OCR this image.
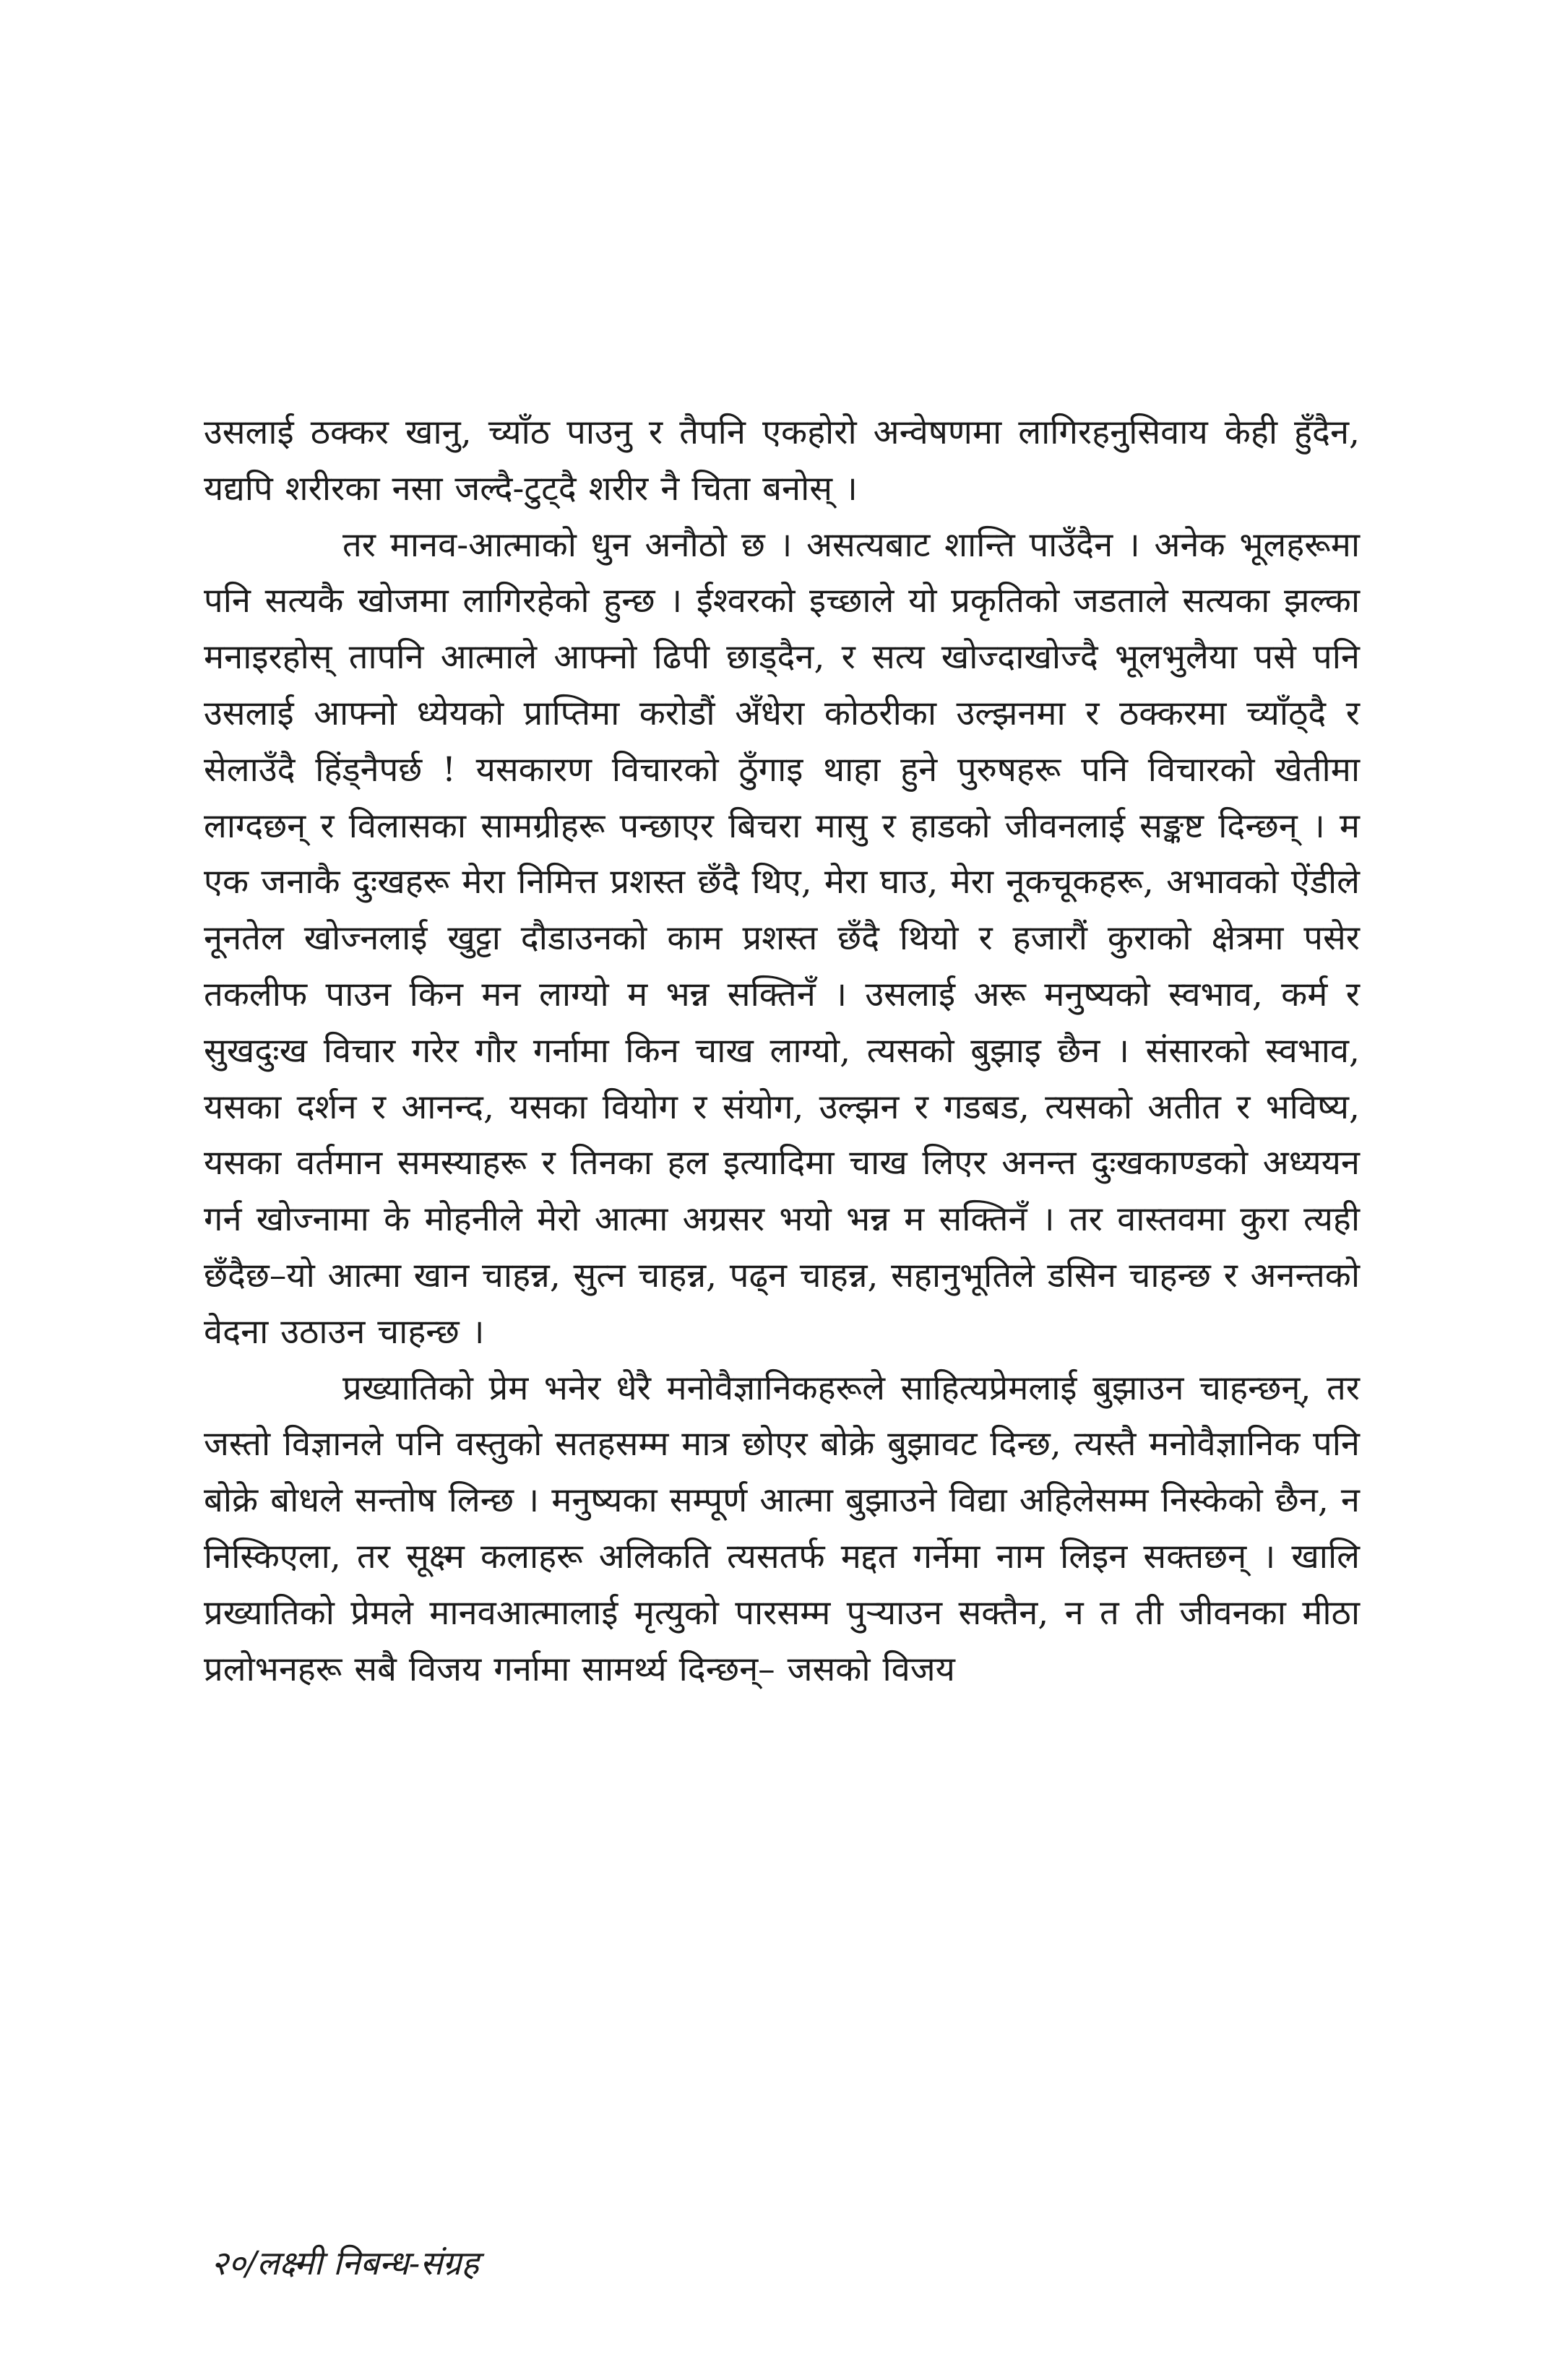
उसलाई ठक्कर खानु, च्याँठ पाउनु र तैपनि एकहोरो अन्वेषणमा लागिरहनुसिवाय केही हुँदैन, यद्यपि शरीरका नसा जल्दै-टुट्दै शरीर नै चिता बनोस् ।

तर मानव-आत्माको धुन अनौठो छ । असत्यबाट शान्ति पाउँदैन । अनेक भूलहरूमा पनि सत्यकै खोजमा लागिरहेको हुन्छ । ईश्वरको इच्छाले यो प्रकृतिको जडताले सत्यका झल्का मनाइरहोस् तापनि आत्माले आफ्नो ढिपी छाड्दैन, र सत्य खोज्दाखोज्दै भूलभुलैया पसे पनि उसलाई आफ्नो ध्येयको प्राप्तिमा करोडौं अँधेरा कोठरीका उल्झनमा र ठक्करमा च्याँठ्दै र सेलाउँदै हिंड्नैपर्छ ! यसकारण विचारको ठुँगाइ थाहा हुने पुरुषहरू पनि विचारको खेतीमा लाग्दछन् र विलासका सामग्रीहरू पन्छाएर बिचरा मासु र हाडको जीवनलाई सङ्कष्ट दिन्छन् । म एक जनाकै दुःखहरू मेरा निमित्त प्रशस्त छँदै थिए, मेरा घाउ, मेरा नूकचूकहरू, अभावको ऐंडीले नूनतेल खोज्नलाई खुट्टा दौडाउनको काम प्रशस्त छँदै थियो र हजारौं कुराको क्षेत्रमा पसेर तकलीफ पाउन किन मन लाग्यो म भन्न सक्तिनँ । उसलाई अरू मनुष्यको स्वभाव, कर्म र सुखदुःख विचार गरेर गौर गर्नामा किन चाख लाग्यो, त्यसको बुझाइ छैन । संसारको स्वभाव, यसका दर्शन र आनन्द, यसका वियोग र संयोग, उल्झन र गडबड, त्यसको अतीत र भविष्य, यसका वर्तमान समस्याहरू र तिनका हल इत्यादिमा चाख लिएर अनन्त दुःखकाण्डको अध्ययन गर्न खोज्नामा के मोहनीले मेरो आत्मा अग्रसर भयो भन्न म सक्तिनँ । तर वास्तवमा कुरा त्यही छँदैछ–यो आत्मा खान चाहन्न, सुत्न चाहन्न, पढ्न चाहन्न, सहानुभूतिले डसिन चाहन्छ र अनन्तको वेदना उठाउन चाहन्छ ।

प्रख्यातिको प्रेम भनेर धेरै मनोवैज्ञानिकहरूले साहित्यप्रेमलाई बुझाउन चाहन्छन्, तर जस्तो विज्ञानले पनि वस्तुको सतहसम्म मात्र छोएर बोक्रे बुझावट दिन्छ, त्यस्तै मनोवैज्ञानिक पनि बोक्रे बोधले सन्तोष लिन्छ । मनुष्यका सम्पूर्ण आत्मा बुझाउने विद्या अहिलेसम्म निस्केको छैन, न निस्किएला, तर सूक्ष्म कलाहरू अलिकति त्यसतर्फ मद्दत गर्नेमा नाम लिइन सक्तछन् । खालि प्रख्यातिको प्रेमले मानवआत्मालाई मृत्युको पारसम्म पुर्‍याउन सक्तैन, न त ती जीवनका मीठा प्रलोभनहरू सबै विजय गर्नामा सामर्थ्य दिन्छन्– जसको विजय

२०/लक्ष्मी निबन्ध-संग्रह
